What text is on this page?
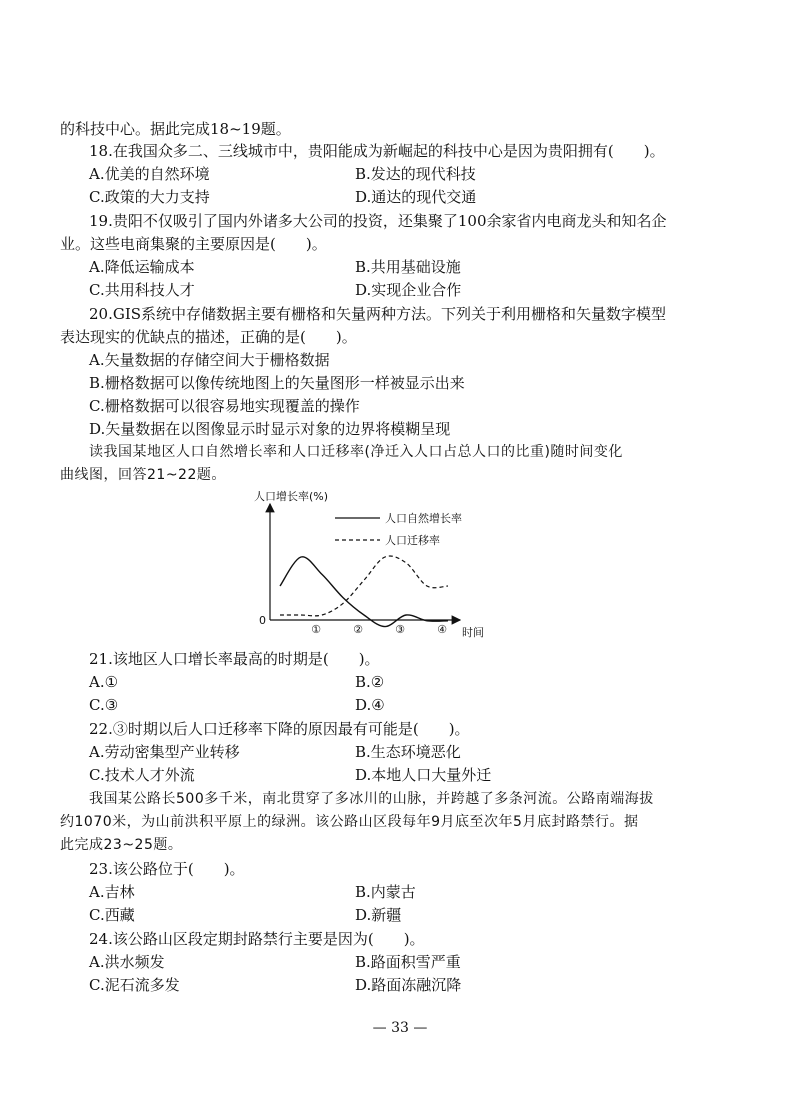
的科技中心。据此完成18~19题。
18.在我国众多二、三线城市中，贵阳能成为新崛起的科技中心是因为贵阳拥有(　　)。
A.优美的自然环境	B.发达的现代科技
C.政策的大力支持	D.通达的现代交通
19.贵阳不仅吸引了国内外诸多大公司的投资，还集聚了100余家省内电商龙头和知名企
业。这些电商集聚的主要原因是(　　)。
A.降低运输成本	B.共用基础设施
C.共用科技人才	D.实现企业合作
20.GIS系统中存储数据主要有栅格和矢量两种方法。下列关于利用栅格和矢量数字模型
表达现实的优缺点的描述，正确的是(　　)。
A.矢量数据的存储空间大于栅格数据
B.栅格数据可以像传统地图上的矢量图形一样被显示出来
C.栅格数据可以很容易地实现覆盖的操作
D.矢量数据在以图像显示时显示对象的边界将模糊呈现
读我国某地区人口自然增长率和人口迁移率(净迁入人口占总人口的比重)随时间变化
曲线图，回答21~22题。
人口增长率(%)
时间
0
①	②	③	④
人口自然增长率
人口迁移率
21.该地区人口增长率最高的时期是(　　)。
A.①	B.②
C.③	D.④
22.③时期以后人口迁移率下降的原因最有可能是(　　)。
A.劳动密集型产业转移	B.生态环境恶化
C.技术人才外流	D.本地人口大量外迁
我国某公路长500多千米，南北贯穿了多冰川的山脉，并跨越了多条河流。公路南端海拔
约1070米，为山前洪积平原上的绿洲。该公路山区段每年9月底至次年5月底封路禁行。据
此完成23~25题。
23.该公路位于(　　)。
A.吉林	B.内蒙古
C.西藏	D.新疆
24.该公路山区段定期封路禁行主要是因为(　　)。
A.洪水频发	B.路面积雪严重
C.泥石流多发	D.路面冻融沉降
— 33 —
